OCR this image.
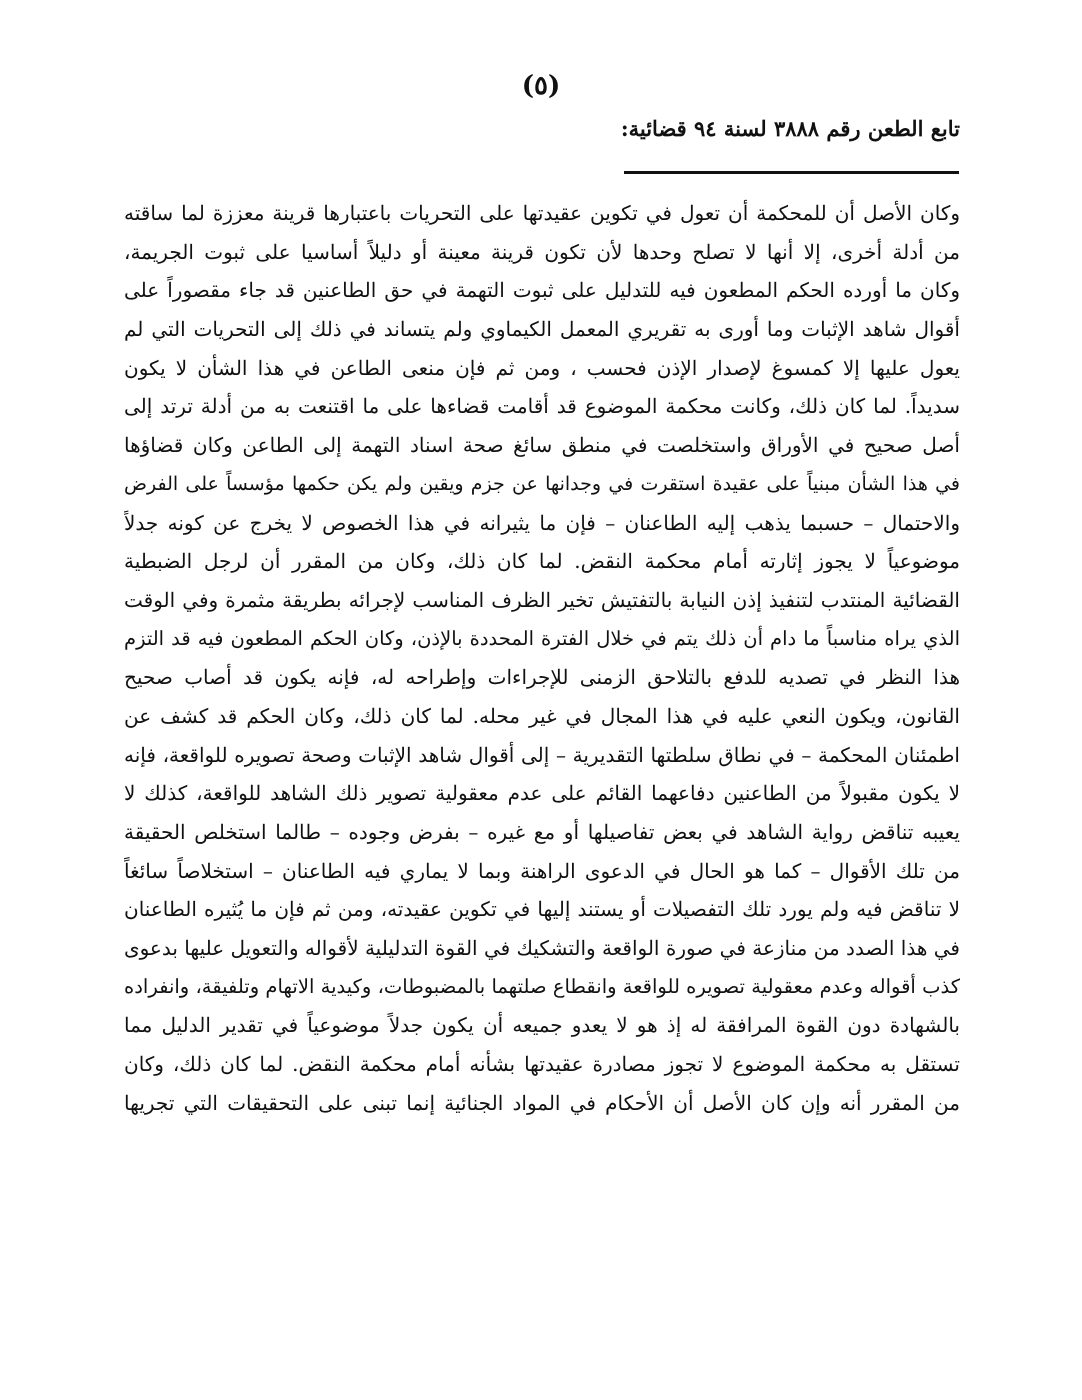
(٥)
تابع الطعن رقم ٣٨٨٨ لسنة ٩٤ قضائية:
وكان الأصل أن للمحكمة أن تعول في تكوين عقيدتها على التحريات باعتبارها قرينة معززة لما ساقته
من أدلة أخرى، إلا أنها لا تصلح وحدها لأن تكون قرينة معينة أو دليلاً أساسيا على ثبوت الجريمة،
وكان ما أورده الحكم المطعون فيه للتدليل على ثبوت التهمة في حق الطاعنين قد جاء مقصوراً على
أقوال شاهد الإثبات وما أورى به تقريري المعمل الكيماوي ولم يتساند في ذلك إلى التحريات التي لم
يعول عليها إلا كمسوغ لإصدار الإذن فحسب ، ومن ثم فإن منعى الطاعن في هذا الشأن لا يكون
سديداً. لما كان ذلك، وكانت محكمة الموضوع قد أقامت قضاءها على ما اقتنعت به من أدلة ترتد إلى
أصل صحيح في الأوراق واستخلصت في منطق سائغ صحة اسناد التهمة إلى الطاعن وكان قضاؤها
في هذا الشأن مبنياً على عقيدة استقرت في وجدانها عن جزم ويقين ولم يكن حكمها مؤسساً على الفرض
والاحتمال – حسبما يذهب إليه الطاعنان – فإن ما يثيرانه في هذا الخصوص لا يخرج عن كونه جدلاً
موضوعياً لا يجوز إثارته أمام محكمة النقض. لما كان ذلك، وكان من المقرر أن لرجل الضبطية
القضائية المنتدب لتنفيذ إذن النيابة بالتفتيش تخير الظرف المناسب لإجرائه بطريقة مثمرة وفي الوقت
الذي يراه مناسباً ما دام أن ذلك يتم في خلال الفترة المحددة بالإذن، وكان الحكم المطعون فيه قد التزم
هذا النظر في تصديه للدفع بالتلاحق الزمنى للإجراءات وإطراحه له، فإنه يكون قد أصاب صحيح
القانون، ويكون النعي عليه في هذا المجال في غير محله. لما كان ذلك، وكان الحكم قد كشف عن
اطمئنان المحكمة – في نطاق سلطتها التقديرية – إلى أقوال شاهد الإثبات وصحة تصويره للواقعة، فإنه
لا يكون مقبولاً من الطاعنين دفاعهما القائم على عدم معقولية تصوير ذلك الشاهد للواقعة، كذلك لا
يعيبه تناقض رواية الشاهد في بعض تفاصيلها أو مع غيره – بفرض وجوده – طالما استخلص الحقيقة
من تلك الأقوال – كما هو الحال في الدعوى الراهنة وبما لا يماري فيه الطاعنان – استخلاصاً سائغاً
لا تناقض فيه ولم يورد تلك التفصيلات أو يستند إليها في تكوين عقيدته، ومن ثم فإن ما يُثيره الطاعنان
في هذا الصدد من منازعة في صورة الواقعة والتشكيك في القوة التدليلية لأقواله والتعويل عليها بدعوى
كذب أقواله وعدم معقولية تصويره للواقعة وانقطاع صلتهما بالمضبوطات، وكيدية الاتهام وتلفيقة، وانفراده
بالشهادة دون القوة المرافقة له إذ هو لا يعدو جميعه أن يكون جدلاً موضوعياً في تقدير الدليل مما
تستقل به محكمة الموضوع لا تجوز مصادرة عقيدتها بشأنه أمام محكمة النقض. لما كان ذلك، وكان
من المقرر أنه وإن كان الأصل أن الأحكام في المواد الجنائية إنما تبنى على التحقيقات التي تجريها
